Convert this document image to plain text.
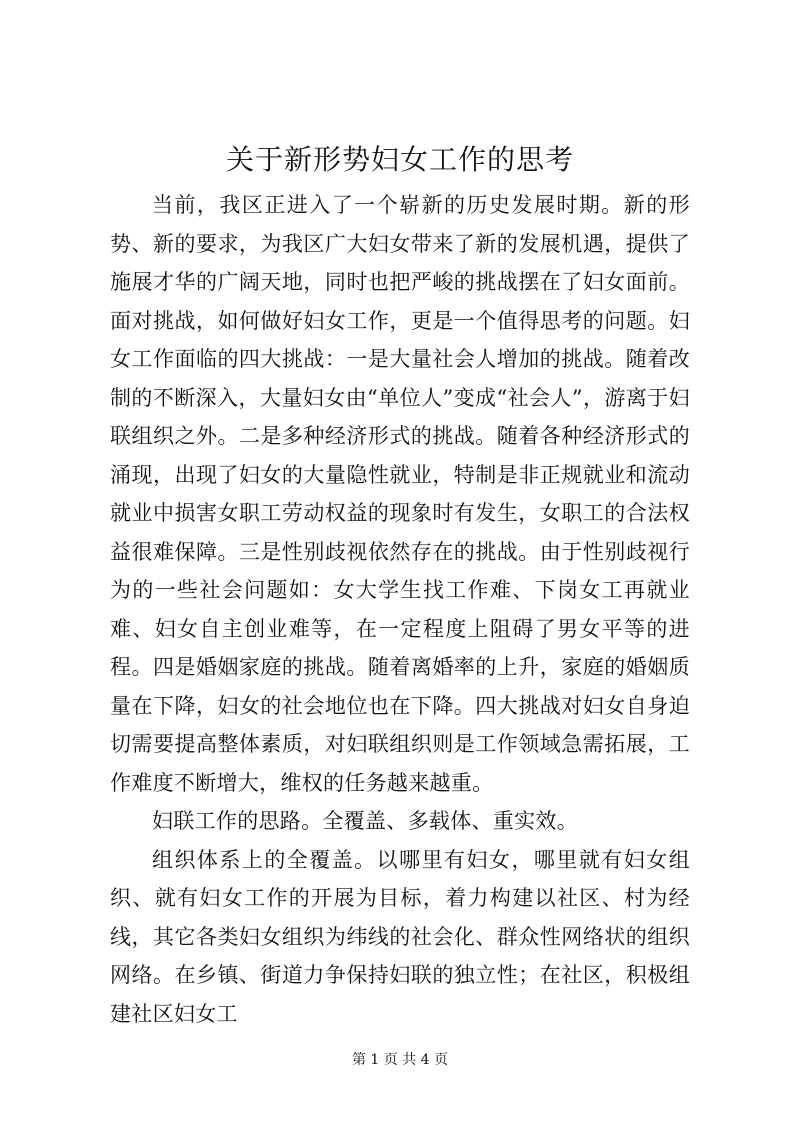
关于新形势妇女工作的思考

当前，我区正进入了一个崭新的历史发展时期。新的形势、新的要求，为我区广大妇女带来了新的发展机遇，提供了施展才华的广阔天地，同时也把严峻的挑战摆在了妇女面前。面对挑战，如何做好妇女工作，更是一个值得思考的问题。妇女工作面临的四大挑战：一是大量社会人增加的挑战。随着改制的不断深入，大量妇女由“单位人”变成“社会人”，游离于妇联组织之外。二是多种经济形式的挑战。随着各种经济形式的涌现，出现了妇女的大量隐性就业，特制是非正规就业和流动就业中损害女职工劳动权益的现象时有发生，女职工的合法权益很难保障。三是性别歧视依然存在的挑战。由于性别歧视行为的一些社会问题如：女大学生找工作难、下岗女工再就业难、妇女自主创业难等，在一定程度上阻碍了男女平等的进程。四是婚姻家庭的挑战。随着离婚率的上升，家庭的婚姻质量在下降，妇女的社会地位也在下降。四大挑战对妇女自身迫切需要提高整体素质，对妇联组织则是工作领域急需拓展，工作难度不断增大，维权的任务越来越重。

妇联工作的思路。全覆盖、多载体、重实效。

组织体系上的全覆盖。以哪里有妇女，哪里就有妇女组织、就有妇女工作的开展为目标，着力构建以社区、村为经线，其它各类妇女组织为纬线的社会化、群众性网络状的组织网络。在乡镇、街道力争保持妇联的独立性；在社区，积极组建社区妇女工

第 1 页 共 4 页
